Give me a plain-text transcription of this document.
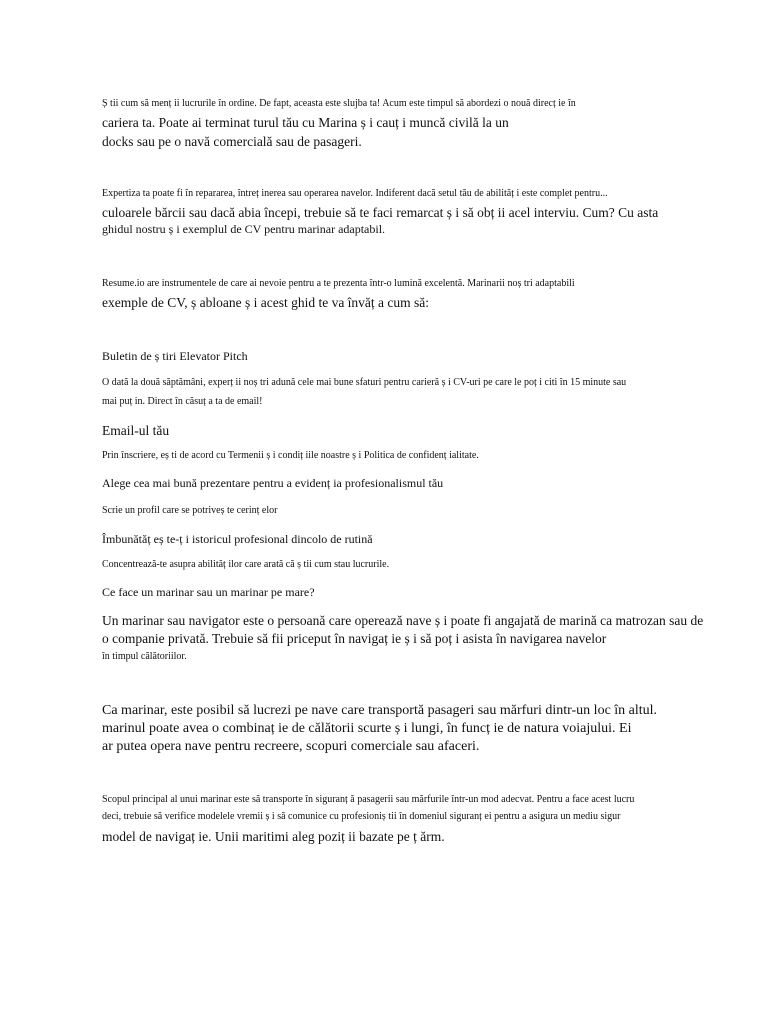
Ș tii cum să menț ii lucrurile în ordine. De fapt, aceasta este slujba ta! Acum este timpul să abordezi o nouă direcț ie în
cariera ta. Poate ai terminat turul tău cu Marina ș i cauț i muncă civilă la un
docks sau pe o navă comercială sau de pasageri.
Expertiza ta poate fi în repararea, întreț inerea sau operarea navelor. Indiferent dacă setul tău de abilităț i este complet pentru...
culoarele bărcii sau dacă abia începi, trebuie să te faci remarcat ș i să obț ii acel interviu. Cum? Cu asta
ghidul nostru ș i exemplul de CV pentru marinar adaptabil.
Resume.io are instrumentele de care ai nevoie pentru a te prezenta într-o lumină excelentă. Marinarii noș tri adaptabili
exemple de CV, ș abloane ș i acest ghid te va învăț a cum să:
Buletin de ș tiri Elevator Pitch
O dată la două săptămâni, experț ii noș tri adună cele mai bune sfaturi pentru carieră ș i CV-uri pe care le poț i citi în 15 minute sau
mai puț in. Direct în căsuț a ta de email!
Email-ul tău
Prin înscriere, eș ti de acord cu Termenii ș i condiț iile noastre ș i Politica de confidenț ialitate.
Alege cea mai bună prezentare pentru a evidenț ia profesionalismul tău
Scrie un profil care se potriveș te cerinț elor
Îmbunătăț eș te-ț i istoricul profesional dincolo de rutină
Concentrează-te asupra abilităț ilor care arată că ș tii cum stau lucrurile.
Ce face un marinar sau un marinar pe mare?
Un marinar sau navigator este o persoană care operează nave ș i poate fi angajată de marină ca matrozan sau de
o companie privată. Trebuie să fii priceput în navigaț ie ș i să poț i asista în navigarea navelor
în timpul călătoriilor.
Ca marinar, este posibil să lucrezi pe nave care transportă pasageri sau mărfuri dintr-un loc în altul.
marinul poate avea o combinaț ie de călătorii scurte ș i lungi, în funcț ie de natura voiajului. Ei
ar putea opera nave pentru recreere, scopuri comerciale sau afaceri.
Scopul principal al unui marinar este să transporte în siguranț ă pasagerii sau mărfurile într-un mod adecvat. Pentru a face acest lucru
deci, trebuie să verifice modelele vremii ș i să comunice cu profesioniș tii în domeniul siguranț ei pentru a asigura un mediu sigur
model de navigaț ie. Unii maritimi aleg poziț ii bazate pe ț ărm.
